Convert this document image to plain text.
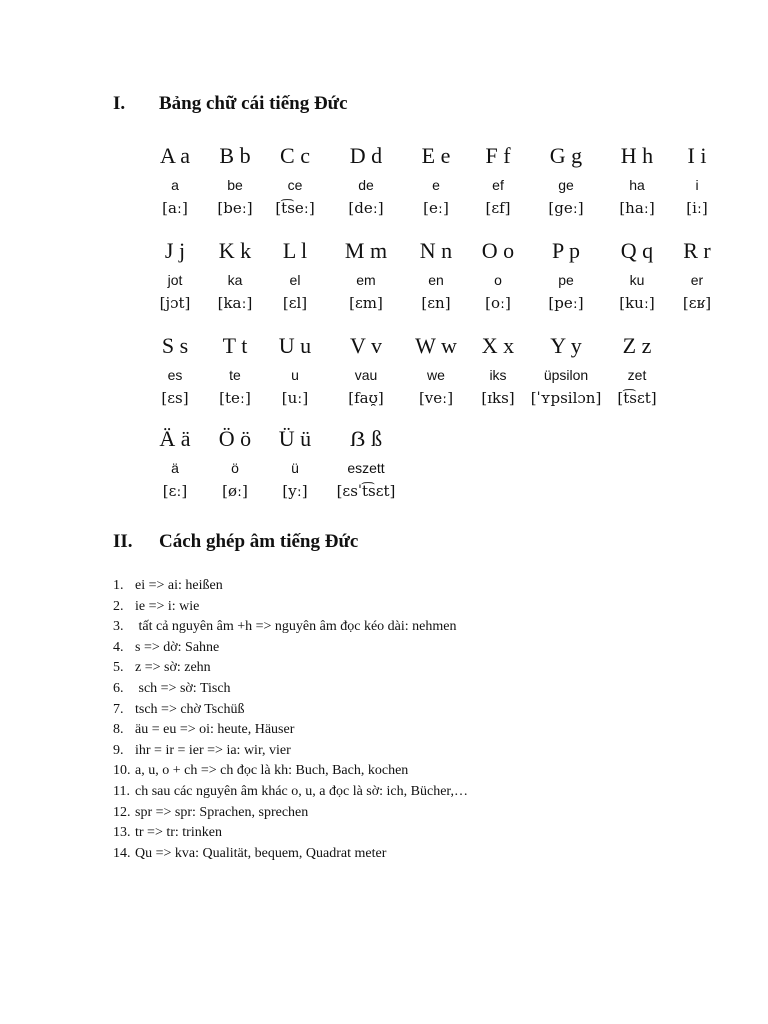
I. Bảng chữ cái tiếng Đức
A a
a
[aː]
B b
be
[beː]
C c
ce
[t͡seː]
D d
de
[deː]
E e
e
[eː]
F f
ef
[ɛf]
G g
ge
[geː]
H h
ha
[haː]
I i
i
[iː]
J j
jot
[jɔt]
K k
ka
[kaː]
L l
el
[ɛl]
M m
em
[ɛm]
N n
en
[ɛn]
O o
o
[oː]
P p
pe
[peː]
Q q
ku
[kuː]
R r
er
[ɛʁ]
S s
es
[ɛs]
T t
te
[teː]
U u
u
[uː]
V v
vau
[faʊ̯]
W w
we
[veː]
X x
iks
[ɪks]
Y y
üpsilon
[ˈʏpsilɔn]
Z z
zet
[t͡sɛt]
Ä ä
ä
[ɛː]
Ö ö
ö
[øː]
Ü ü
ü
[yː]
ẞ ß
eszett
[ɛsˈt͡sɛt]
II. Cách ghép âm tiếng Đức
1. ei => ai: heißen
2. ie => i: wie
3. tất cả nguyên âm +h => nguyên âm đọc kéo dài: nehmen
4. s => dờ: Sahne
5. z => sờ: zehn
6. sch => sờ: Tisch
7. tsch => chờ Tschüß
8. äu = eu => oi: heute, Häuser
9. ihr = ir = ier => ia: wir, vier
10. a, u, o + ch => ch đọc là kh: Buch, Bach, kochen
11. ch sau các nguyên âm khác o, u, a đọc là sờ: ich, Bücher,…
12. spr => spr: Sprachen, sprechen
13. tr => tr: trinken
14. Qu => kva: Qualität, bequem, Quadrat meter
